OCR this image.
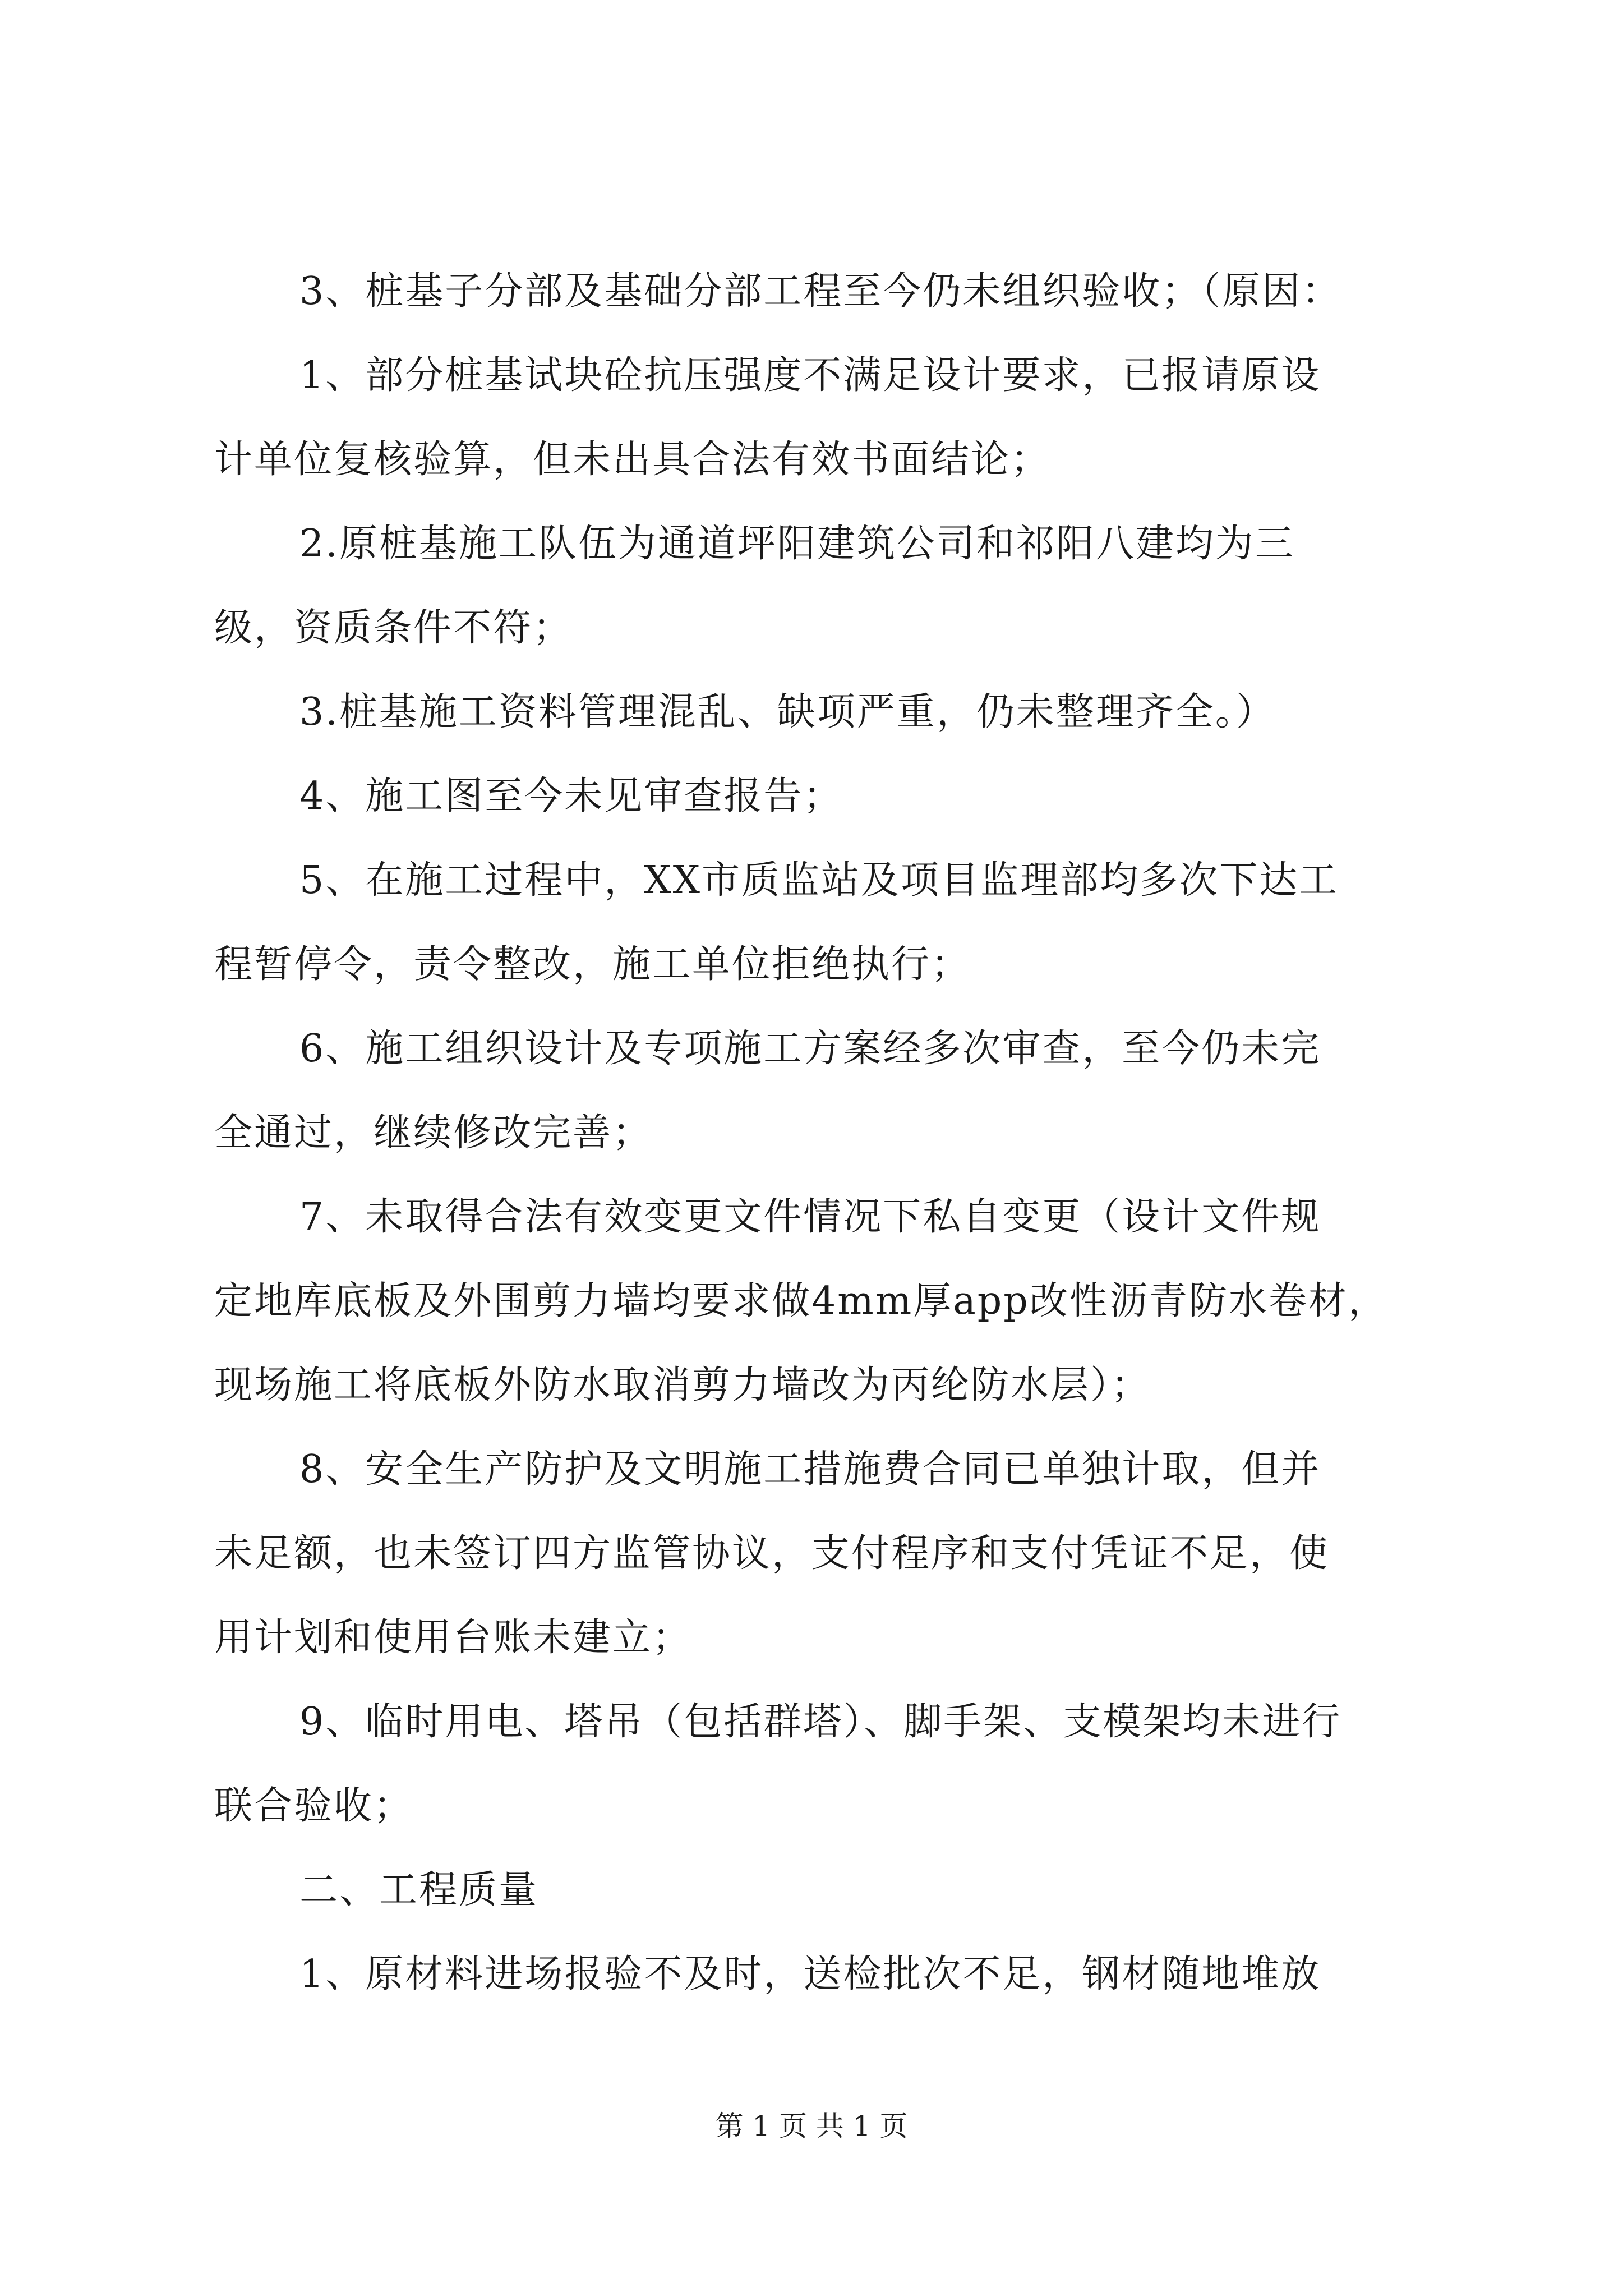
3、桩基子分部及基础分部工程至今仍未组织验收；（原因：
1、部分桩基试块砼抗压强度不满足设计要求，已报请原设
计单位复核验算，但未出具合法有效书面结论；
2.原桩基施工队伍为通道坪阳建筑公司和祁阳八建均为三
级，资质条件不符；
3.桩基施工资料管理混乱、缺项严重，仍未整理齐全。）
4、施工图至今未见审查报告；
5、在施工过程中，XX市质监站及项目监理部均多次下达工
程暂停令，责令整改，施工单位拒绝执行；
6、施工组织设计及专项施工方案经多次审查，至今仍未完
全通过，继续修改完善；
7、未取得合法有效变更文件情况下私自变更（设计文件规
定地库底板及外围剪力墙均要求做4mm厚app改性沥青防水卷材，
现场施工将底板外防水取消剪力墙改为丙纶防水层）；
8、安全生产防护及文明施工措施费合同已单独计取，但并
未足额，也未签订四方监管协议，支付程序和支付凭证不足，使
用计划和使用台账未建立；
9、临时用电、塔吊（包括群塔）、脚手架、支模架均未进行
联合验收；
二、工程质量
1、原材料进场报验不及时，送检批次不足，钢材随地堆放
第 1 页 共 1 页
